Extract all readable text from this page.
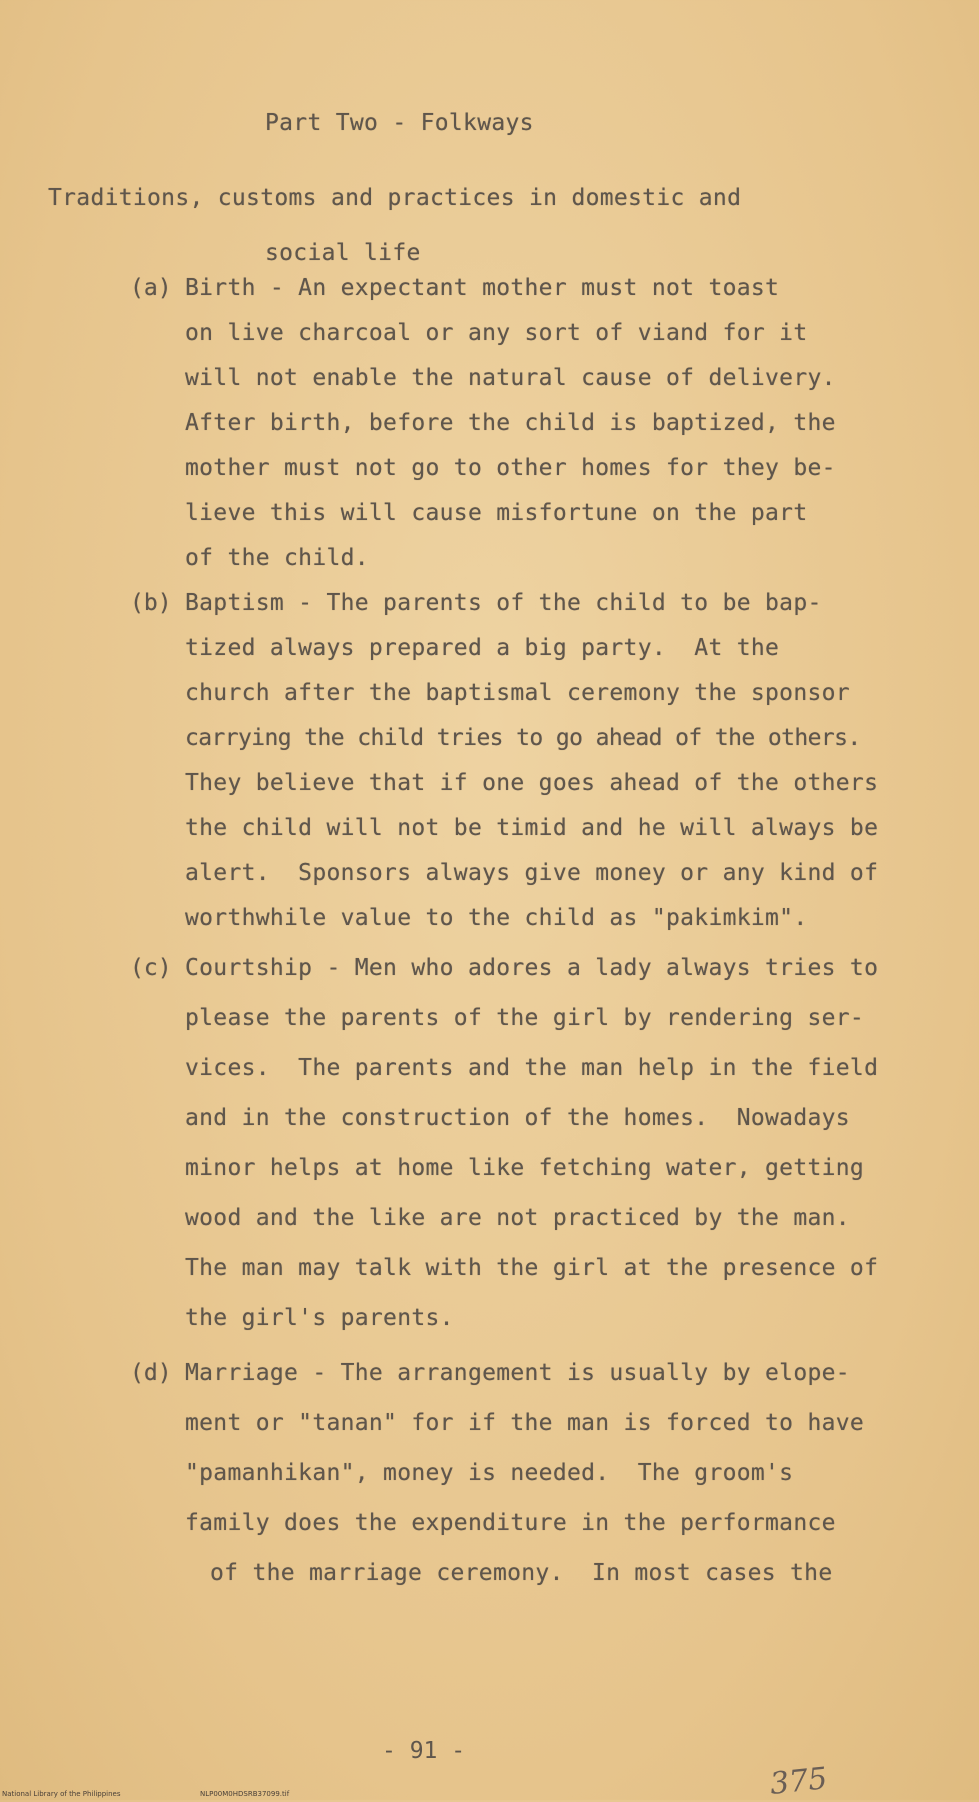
Part Two - Folkways
Traditions, customs and practices in domestic and
social life
(a) Birth - An expectant mother must not toast
on live charcoal or any sort of viand for it
will not enable the natural cause of delivery.
After birth, before the child is baptized, the
mother must not go to other homes for they be-
lieve this will cause misfortune on the part
of the child.
(b) Baptism - The parents of the child to be bap-
tized always prepared a big party.  At the
church after the baptismal ceremony the sponsor
carrying the child tries to go ahead of the others.
They believe that if one goes ahead of the others
the child will not be timid and he will always be
alert.  Sponsors always give money or any kind of
worthwhile value to the child as "pakimkim".
(c) Courtship - Men who adores a lady always tries to
please the parents of the girl by rendering ser-
vices.  The parents and the man help in the field
and in the construction of the homes.  Nowadays
minor helps at home like fetching water, getting
wood and the like are not practiced by the man.
The man may talk with the girl at the presence of
the girl's parents.
(d) Marriage - The arrangement is usually by elope-
ment or "tanan" for if the man is forced to have
"pamanhikan", money is needed.  The groom's
family does the expenditure in the performance
of the marriage ceremony.  In most cases the
- 91 -
375
National Library of the Philippines	NLP00M0HDSRB37099.tif
